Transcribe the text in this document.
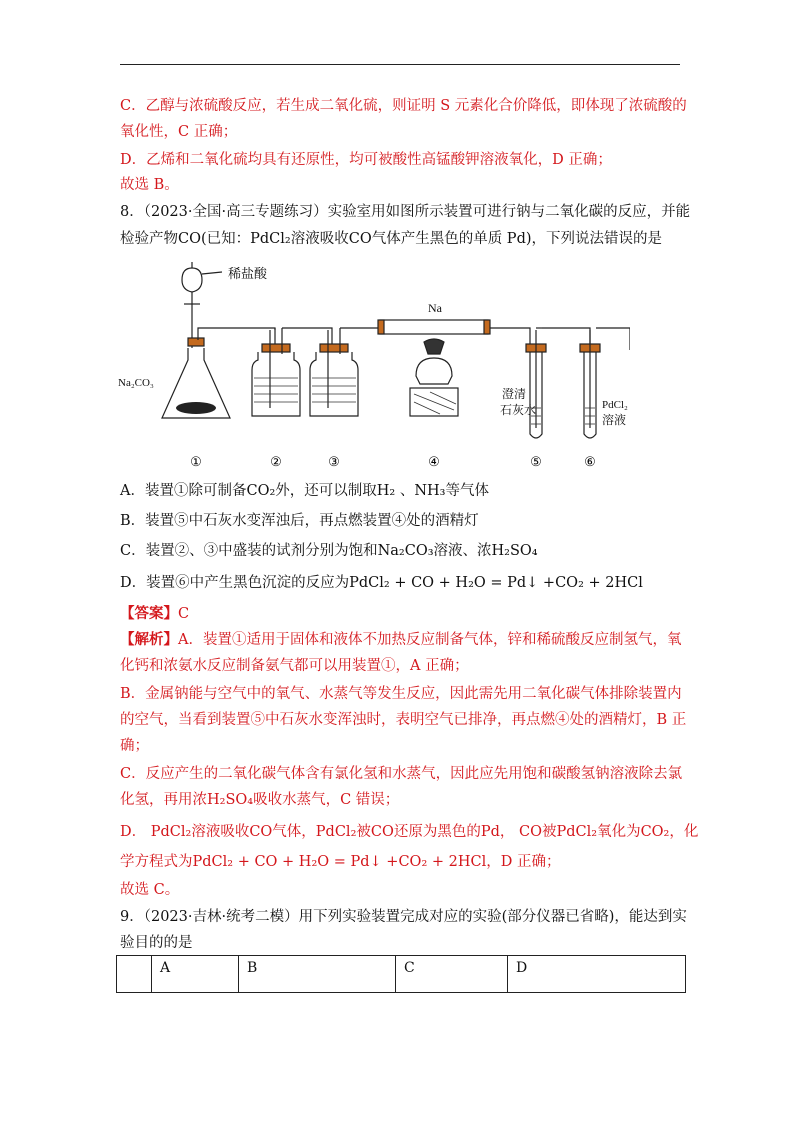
C．乙醇与浓硫酸反应，若生成二氧化硫，则证明 S 元素化合价降低，即体现了浓硫酸的
氧化性，C 正确；
D．乙烯和二氧化硫均具有还原性，均可被酸性高锰酸钾溶液氧化，D 正确；
故选 B。
8．（2023·全国·高三专题练习）实验室用如图所示装置可进行钠与二氧化碳的反应，并能
检验产物CO(已知：PdCl₂溶液吸收CO气体产生黑色的单质 Pd)，下列说法错误的是
稀盐酸
Na
Na₂CO₃
澄清
石灰水	PdCl₂
溶液
①	②	③	④	⑤	⑥
A．装置①除可制备CO₂外，还可以制取H₂ 、NH₃等气体
B．装置⑤中石灰水变浑浊后，再点燃装置④处的酒精灯
C．装置②、③中盛装的试剂分别为饱和Na₂CO₃溶液、浓H₂SO₄
D．装置⑥中产生黑色沉淀的反应为PdCl₂ + CO + H₂O = Pd↓ +CO₂ + 2HCl
【答案】C
【解析】A．装置①适用于固体和液体不加热反应制备气体，锌和稀硫酸反应制氢气，氧
化钙和浓氨水反应制备氨气都可以用装置①，A 正确；
B．金属钠能与空气中的氧气、水蒸气等发生反应，因此需先用二氧化碳气体排除装置内
的空气，当看到装置⑤中石灰水变浑浊时，表明空气已排净，再点燃④处的酒精灯，B 正
确；
C．反应产生的二氧化碳气体含有氯化氢和水蒸气，因此应先用饱和碳酸氢钠溶液除去氯
化氢，再用浓H₂SO₄吸收水蒸气，C 错误；
D． PdCl₂溶液吸收CO气体，PdCl₂被CO还原为黑色的Pd， CO被PdCl₂氧化为CO₂，化
学方程式为PdCl₂ + CO + H₂O = Pd↓ +CO₂ + 2HCl，D 正确；
故选 C。
9．（2023·吉林·统考二模）用下列实验装置完成对应的实验(部分仪器已省略)，能达到实
验目的的是
	A	B	C	D
